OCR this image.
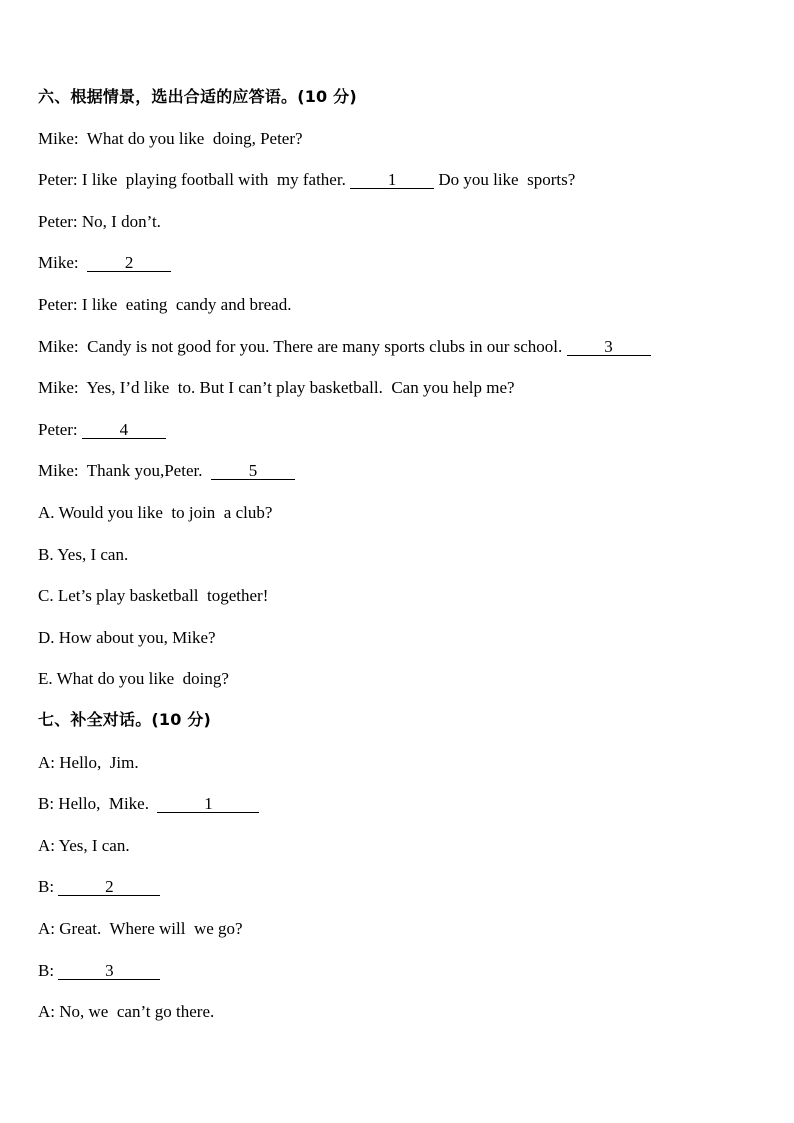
六、根据情景，选出合适的应答语。(10 分)
Mike:  What do you like  doing, Peter?
Peter: I like  playing football with  my father. 1 Do you like  sports?
Peter: No, I don’t.
Mike:  2
Peter: I like  eating  candy and bread.
Mike:  Candy is not good for you. There are many sports clubs in our school. 3
Mike:  Yes, I’d like  to. But I can’t play basketball.  Can you help me?
Peter: 4
Mike:  Thank you,Peter.  5
A. Would you like  to join  a club?
B. Yes, I can.
C. Let’s play basketball  together!
D. How about you, Mike?
E. What do you like  doing?
七、补全对话。(10 分)
A: Hello,  Jim.
B: Hello,  Mike.	1
A: Yes, I can.
B:	2
A: Great.  Where will  we go?
B:	3
A: No, we  can’t go there.
